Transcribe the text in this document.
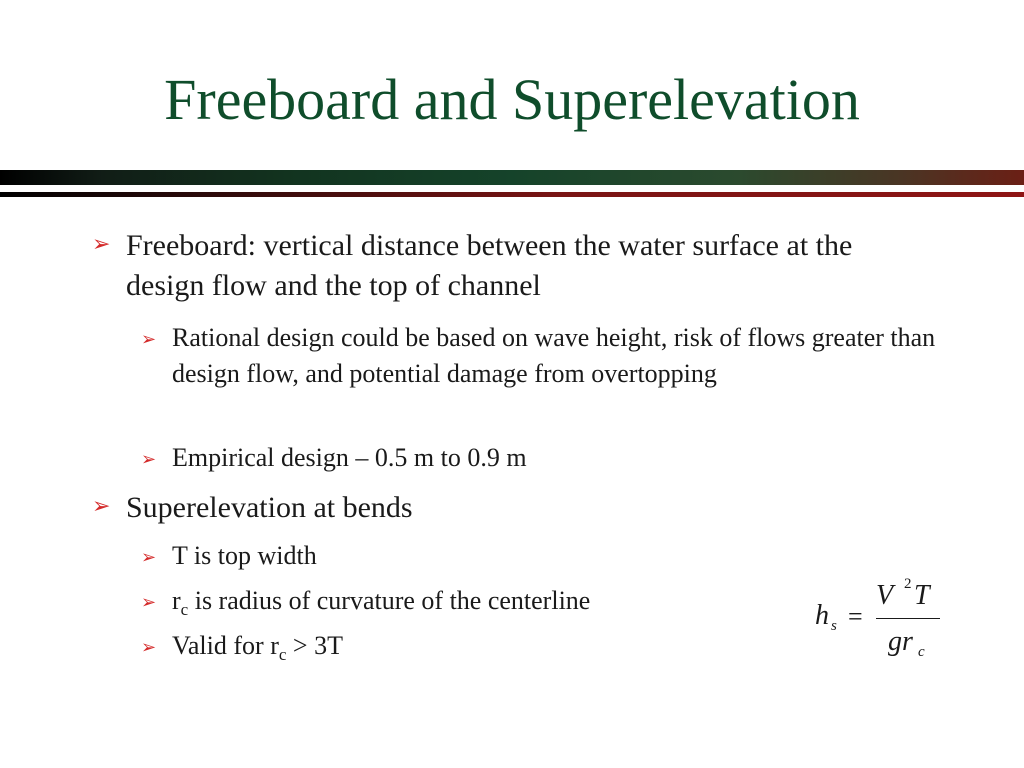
Freeboard and Superelevation
➢ Freeboard: vertical distance between the water surface at the design flow and the top of channel
➢ Rational design could be based on wave height, risk of flows greater than design flow, and potential damage from overtopping
➢ Empirical design – 0.5 m to 0.9 m
➢ Superelevation at bends
➢ T is top width
➢ $r_c$ is radius of curvature of the centerline
➢ Valid for $r_c > 3T$
h s =
V 2 T
gr c
